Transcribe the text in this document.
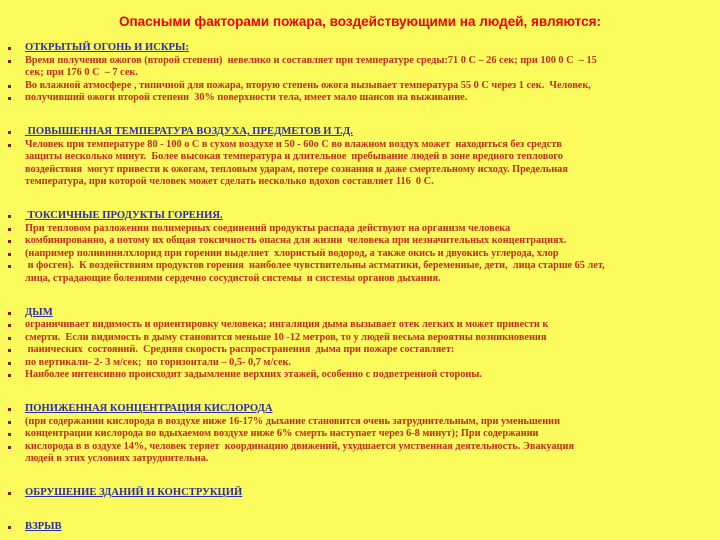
Опасными факторами пожара, воздействующими на людей, являются:
ОТКРЫТЫЙ ОГОНЬ И ИСКРЫ:
Время получения ожогов (второй степени)  невелико и составляет при температуре среды:71 0 С – 26 сек; при 100 0 С  – 15
сек; при 176 0 С  – 7 сек.
Во влажной атмосфере , типичной для пожара, вторую степень ожога вызывает температура 55 0 С через 1 сек.  Человек,
получивший ожоги второй степени  30% поверхности тела, имеет мало шансов на выживание.
ПОВЫШЕННАЯ ТЕМПЕРАТУРА ВОЗДУХА, ПРЕДМЕТОВ И Т.Д.
Человек при температуре 80 - 100 о С в сухом воздухе и 50 - 60о С во влажном воздух может  находиться без средств
защиты несколько минут.  Более высокая температура и длительное  пребывание людей в зоне вредного теплового
воздействия  могут привести к ожогам, тепловым ударам, потере сознания и даже смертельному исходу. Предельная
температура, при которой человек может сделать несколько вдохов составляет 116  0 С.
ТОКСИЧНЫЕ ПРОДУКТЫ ГОРЕНИЯ.
При тепловом разложении полимерных соединений продукты распада действуют на организм человека
комбинированно, а потому их общая токсичность опасна для жизни  человека при незначительных концентрациях.
(например поливинилхлорид при горении выделяет  хлористый водород, а также окись и двуокись углерода, хлор
и фосген).  К воздействиям продуктов горения  наиболее чувствительны астматики, беременные, дети,  лица старше 65 лет,
лица, страдающие болезнями сердечно сосудистой системы  и системы органов дыхания.
ДЫМ
ограничивает видимость и ориентировку человека; ингаляция дыма вызывает отек легких и может привести к
смерти.  Если видимость в дыму становится меньше 10 -12 метров, то у людей весьма вероятны возникновения
панических  состояний.  Средняя скорость распространения  дыма при пожаре составляет:
по вертикали- 2- 3 м/сек;  по горизонтали – 0,5- 0,7 м/сек.
Наиболее интенсивно происходит задымление верхних этажей, особенно с подветренной стороны.
ПОНИЖЕННАЯ КОНЦЕНТРАЦИЯ КИСЛОРОДА
(при содержании кислорода в воздухе ниже 16-17% дыхание становится очень затруднительным, при уменьшении
концентрации кислорода во вдыхаемом воздухе ниже 6% смерть наступает через 6-8 минут); При содержании
кислорода в в оздухе 14%, человек теряет  координацию движений, ухудшается умственная деятельность. Эвакуация
людей в этих условиях затруднительна.
ОБРУШЕНИЕ ЗДАНИЙ И КОНСТРУКЦИЙ
ВЗРЫВ
